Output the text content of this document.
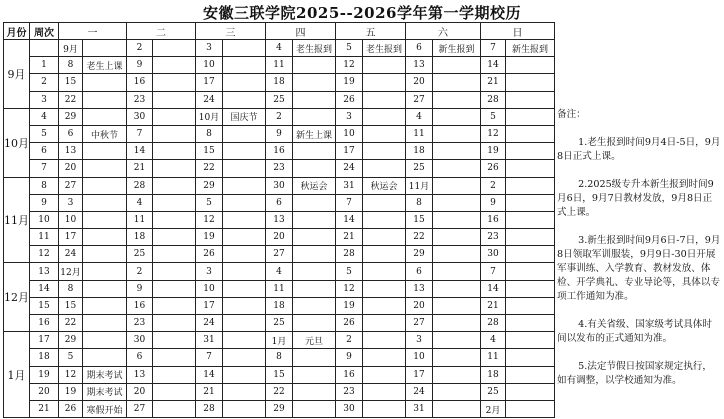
安徽三联学院2025--2026学年第一学期校历
月份	周次	一		二		三		四		五		六		日	
9月		9月		2		3		4	老生报到	5	老生报到	6	新生报到	7	新生报到
	1	8	老生上课	9		10		11		12		13		14	
	2	15		16		17		18		19		20		21	
	3	22		23		24		25		26		27		28	
10月	4	29		30		10月	国庆节	2		3		4		5	
	5	6	中秋节	7		8		9	新生上课	10		11		12	
	6	13		14		15		16		17		18		19	
	7	20		21		22		23		24		25		26	
11月	8	27		28		29		30	秋运会	31	秋运会	11月		2	
	9	3		4		5		6		7		8		9	
	10	10		11		12		13		14		15		16	
	11	17		18		19		20		21		22		23	
	12	24		25		26		27		28		29		30	
12月	13	12月		2		3		4		5		6		7	
	14	8		9		10		11		12		13		14	
	15	15		16		17		18		19		20		21	
	16	22		23		24		25		26		27		28	
1月	17	29		30		31		1月	元旦	2		3		4	
	18	5		6		7		8		9		10		11	
	19	12	期末考试	13		14		15		16		17		18	
	20	19	期末考试	20		21		22		23		24		25	
	21	26	寒假开始	27		28		29		30		31		2月	

备注：

1.老生报到时间9月4日-5日，9月8日正式上课。

2.2025级专升本新生报到时间9月6日，9月7日教材发放，9月8日正式上课。

3.新生报到时间9月6日-7日，9月8日领取军训服装，9月9日-30日开展军事训练、入学教育、教材发放、体检、开学典礼、专业导论等，具体以专项工作通知为准。

4.有关省级、国家级考试具体时间以发布的正式通知为准。

5.法定节假日按国家规定执行，如有调整，以学校通知为准。
